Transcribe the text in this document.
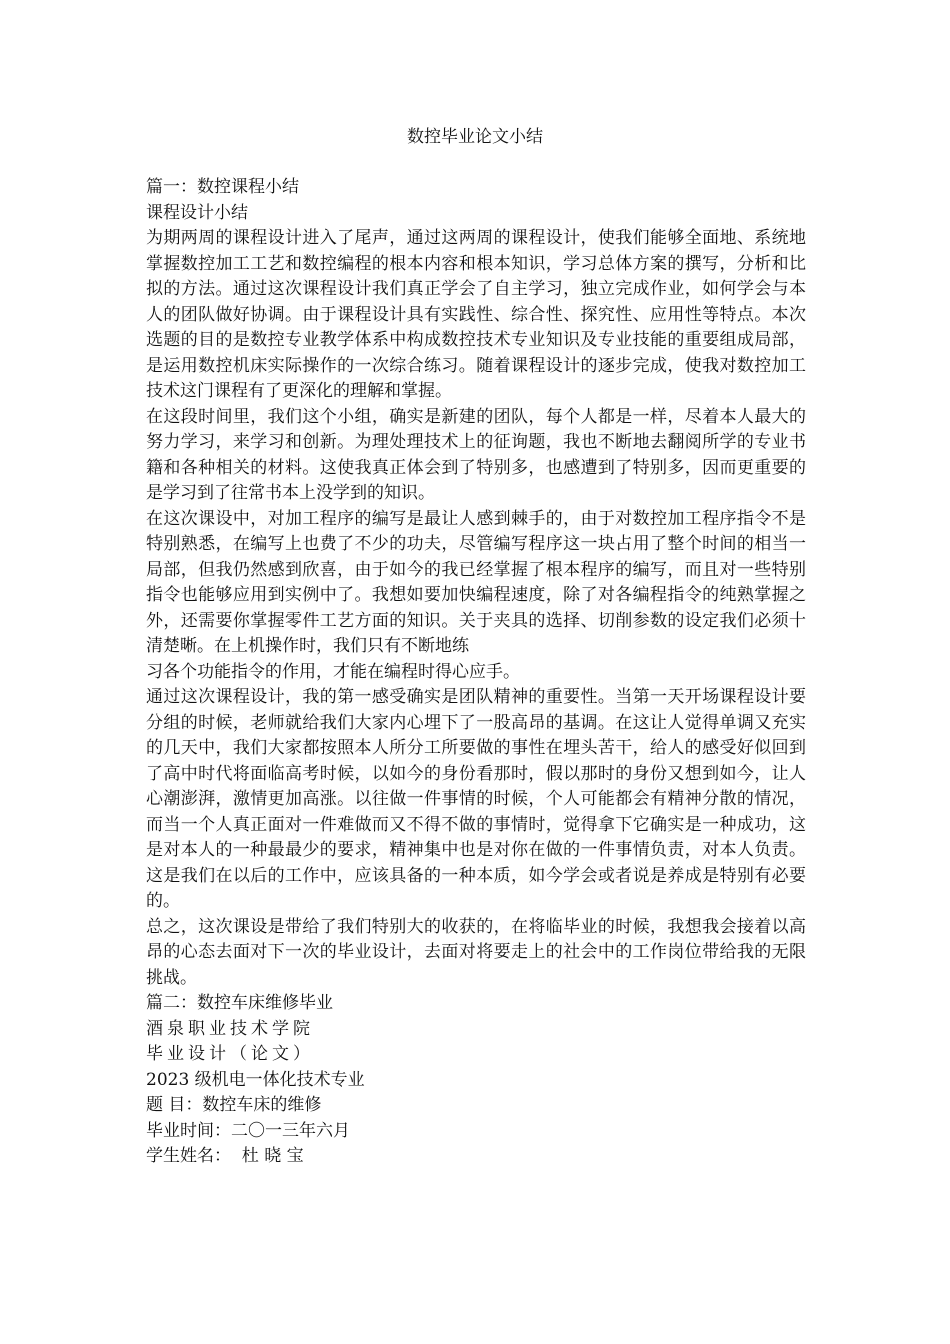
数控毕业论文小结

篇一：数控课程小结

课程设计小结

为期两周的课程设计进入了尾声，通过这两周的课程设计，使我们能够全面地、系统地掌握数控加工工艺和数控编程的根本内容和根本知识，学习总体方案的撰写，分析和比拟的方法。通过这次课程设计我们真正学会了自主学习，独立完成作业，如何学会与本人的团队做好协调。由于课程设计具有实践性、综合性、探究性、应用性等特点。本次选题的目的是数控专业教学体系中构成数控技术专业知识及专业技能的重要组成局部，是运用数控机床实际操作的一次综合练习。随着课程设计的逐步完成，使我对数控加工技术这门课程有了更深化的理解和掌握。

在这段时间里，我们这个小组，确实是新建的团队，每个人都是一样，尽着本人最大的努力学习，来学习和创新。为理处理技术上的征询题，我也不断地去翻阅所学的专业书籍和各种相关的材料。这使我真正体会到了特别多，也感遭到了特别多，因而更重要的是学习到了往常书本上没学到的知识。

在这次课设中，对加工程序的编写是最让人感到棘手的，由于对数控加工程序指令不是特别熟悉，在编写上也费了不少的功夫，尽管编写程序这一块占用了整个时间的相当一局部，但我仍然感到欣喜，由于如今的我已经掌握了根本程序的编写，而且对一些特别指令也能够应用到实例中了。我想如要加快编程速度，除了对各编程指令的纯熟掌握之外，还需要你掌握零件工艺方面的知识。关于夹具的选择、切削参数的设定我们必须十清楚晰。在上机操作时，我们只有不断地练

习各个功能指令的作用，才能在编程时得心应手。

通过这次课程设计，我的第一感受确实是团队精神的重要性。当第一天开场课程设计要分组的时候，老师就给我们大家内心埋下了一股高昂的基调。在这让人觉得单调又充实的几天中，我们大家都按照本人所分工所要做的事性在埋头苦干，给人的感受好似回到了高中时代将面临高考时候，以如今的身份看那时，假以那时的身份又想到如今，让人心潮澎湃，激情更加高涨。以往做一件事情的时候，个人可能都会有精神分散的情况，而当一个人真正面对一件难做而又不得不做的事情时，觉得拿下它确实是一种成功，这是对本人的一种最最少的要求，精神集中也是对你在做的一件事情负责，对本人负责。这是我们在以后的工作中，应该具备的一种本质，如今学会或者说是养成是特别有必要的。

总之，这次课设是带给了我们特别大的收获的，在将临毕业的时候，我想我会接着以高昂的心态去面对下一次的毕业设计，去面对将要走上的社会中的工作岗位带给我的无限挑战。

篇二：数控车床维修毕业

酒泉职业技术学院

毕业设计（论文）

2023 级机电一体化技术专业

题 目：数控车床的维修

毕业时间：二〇一三年六月

学生姓名：  杜 晓 宝
